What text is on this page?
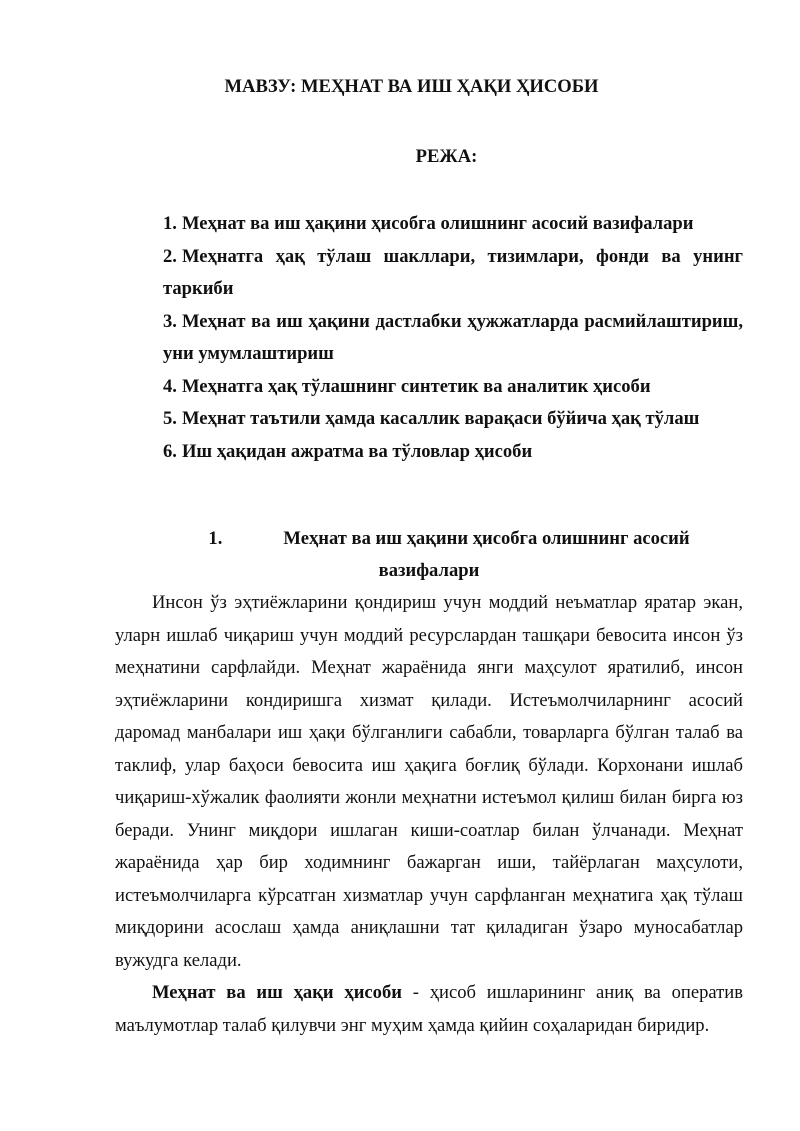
МАВЗУ: МЕҲНАТ ВА ИШ ҲАҚИ ҲИСОБИ
РЕЖА:
1. Меҳнат ва иш ҳақини ҳисобга олишнинг асосий вазифалари
2. Меҳнатга ҳақ тўлаш шакллари, тизимлари, фонди ва унинг таркиби
3. Меҳнат ва иш ҳақини дастлабки ҳужжатларда расмийлаштириш, уни умумлаштириш
4. Меҳнатга ҳақ тўлашнинг синтетик ва аналитик ҳисоби
5. Меҳнат таътили ҳамда касаллик варақаси бўйича ҳақ тўлаш
6. Иш ҳақидан ажратма ва тўловлар ҳисоби
1.	Меҳнат ва иш ҳақини ҳисобга олишнинг асосий
вазифалари

Инсон ўз эҳтиёжларини қондириш учун моддий неъматлар яратар экан, уларн ишлаб чиқариш учун моддий ресурслардан ташқари бевосита инсон ўз меҳнатини сарфлайди. Меҳнат жараёнида янги маҳсулот яратилиб, инсон эҳтиёжларини кондиришга хизмат қилади. Истеъмолчиларнинг асосий даромад манбалари иш ҳақи бўлганлиги сабабли, товарларга бўлган талаб ва таклиф, улар баҳоси бевосита иш ҳақига боғлиқ бўлади. Корхонани ишлаб чиқариш-хўжалик фаолияти жонли меҳнатни истеъмол қилиш билан бирга юз беради. Унинг миқдори ишлаган киши-соатлар билан ўлчанади. Меҳнат жараёнида ҳар бир ходимнинг бажарган иши, тайёрлаган маҳсулоти, истеъмолчиларга кўрсатган хизматлар учун сарфланган меҳнатига ҳақ тўлаш миқдорини асослаш ҳамда аниқлашни тат қиладиган ўзаро муносабатлар вужудга келади.

Меҳнат ва иш ҳақи ҳисоби - ҳисоб ишларининг аниқ ва оператив маълумотлар талаб қилувчи энг муҳим ҳамда қийин соҳаларидан биридир.
